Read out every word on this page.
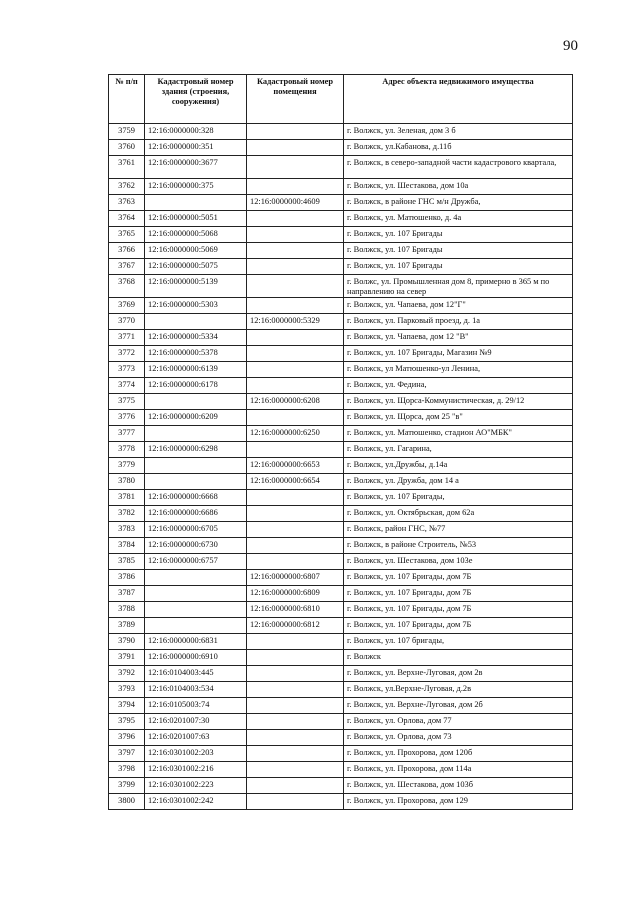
90
№ п/п	Кадастровый номер здания (строения, сооружения)	Кадастровый номер помещения	Адрес объекта недвижимого имущества
3759	12:16:0000000:328		г. Волжск, ул. Зеленая, дом 3 б
3760	12:16:0000000:351		г. Волжск, ул.Кабанова, д.11б
3761	12:16:0000000:3677		г. Волжск, в северо-западной части кадастрового квартала,
3762	12:16:0000000:375		г. Волжск, ул. Шестакова, дом 10а
3763		12:16:0000000:4609	г. Волжск, в районе ГНС м/н Дружба,
3764	12:16:0000000:5051		г. Волжск, ул. Матюшенко, д. 4а
3765	12:16:0000000:5068		г. Волжск, ул. 107 Бригады
3766	12:16:0000000:5069		г. Волжск, ул. 107 Бригады
3767	12:16:0000000:5075		г. Волжск, ул. 107 Бригады
3768	12:16:0000000:5139		г. Волжс, ул. Промышленная дом 8, примерно в 365 м по направлению на север
3769	12:16:0000000:5303		г. Волжск, ул. Чапаева, дом 12"Г"
3770		12:16:0000000:5329	г. Волжск, ул. Парковый проезд, д. 1а
3771	12:16:0000000:5334		г. Волжск, ул. Чапаева, дом 12 "В"
3772	12:16:0000000:5378		г. Волжск, ул. 107 Бригады, Магазин №9
3773	12:16:0000000:6139		г. Волжск, ул Матюшенко-ул Ленина,
3774	12:16:0000000:6178		г. Волжск, ул. Федина,
3775		12:16:0000000:6208	г. Волжск, ул. Щорса-Коммунистическая, д. 29/12
3776	12:16:0000000:6209		г. Волжск, ул. Щорса, дом 25 "в"
3777		12:16:0000000:6250	г. Волжск, ул. Матюшенко, стадион АО"МБК"
3778	12:16:0000000:6298		г. Волжск, ул. Гагарина,
3779		12:16:0000000:6653	г. Волжск, ул.Дружбы, д.14а
3780		12:16:0000000:6654	г. Волжск, ул. Дружба, дом 14 а
3781	12:16:0000000:6668		г. Волжск, ул. 107 Бригады,
3782	12:16:0000000:6686		г. Волжск, ул. Октябрьская, дом 62а
3783	12:16:0000000:6705		г. Волжск, район ГНС, №77
3784	12:16:0000000:6730		г. Волжск, в районе Строитель, №53
3785	12:16:0000000:6757		г. Волжск, ул. Шестакова, дом 103е
3786		12:16:0000000:6807	г. Волжск, ул. 107 Бригады, дом 7Б
3787		12:16:0000000:6809	г. Волжск, ул. 107 Бригады, дом 7Б
3788		12:16:0000000:6810	г. Волжск, ул. 107 Бригады, дом 7Б
3789		12:16:0000000:6812	г. Волжск, ул. 107 Бригады, дом 7Б
3790	12:16:0000000:6831		г. Волжск, ул. 107 бригады,
3791	12:16:0000000:6910		г. Волжск
3792	12:16:0104003:445		г. Волжск, ул. Верхне-Луговая, дом 2в
3793	12:16:0104003:534		г. Волжск, ул.Верхне-Луговая, д.2в
3794	12:16:0105003:74		г. Волжск, ул. Верхне-Луговая, дом 2б
3795	12:16:0201007:30		г. Волжск, ул. Орлова, дом 77
3796	12:16:0201007:63		г. Волжск, ул. Орлова, дом 73
3797	12:16:0301002:203		г. Волжск, ул. Прохорова, дом 120б
3798	12:16:0301002:216		г. Волжск, ул. Прохорова, дом 114а
3799	12:16:0301002:223		г. Волжск, ул. Шестакова, дом 103б
3800	12:16:0301002:242		г. Волжск, ул. Прохорова, дом 129
